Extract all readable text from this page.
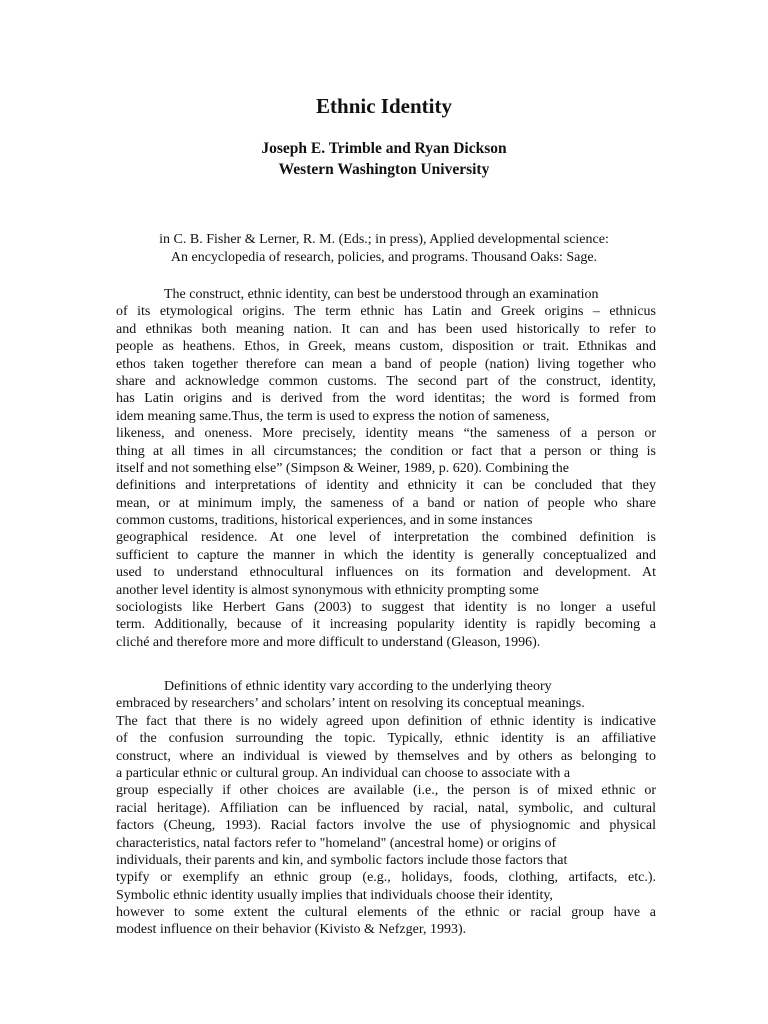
Ethnic Identity
Joseph E. Trimble and Ryan Dickson
Western Washington University
in C. B. Fisher & Lerner, R. M. (Eds.; in press), Applied developmental science:
An encyclopedia of research, policies, and programs. Thousand Oaks: Sage.
The construct, ethnic identity, can best be understood through an examination
of its etymological origins. The term ethnic has Latin and Greek origins – ethnicus
and ethnikas both meaning nation. It can and has been used historically to refer to
people as heathens. Ethos, in Greek, means custom, disposition or trait. Ethnikas and
ethos taken together therefore can mean a band of people (nation) living together who
share and acknowledge common customs. The second part of the construct, identity,
has Latin origins and is derived from the word identitas; the word is formed from
idem meaning same.Thus, the term is used to express the notion of sameness,
likeness, and oneness. More precisely, identity means “the sameness of a person or
thing at all times in all circumstances; the condition or fact that a person or thing is
itself and not something else” (Simpson & Weiner, 1989, p. 620). Combining the
definitions and interpretations of identity and ethnicity it can be concluded that they
mean, or at minimum imply, the sameness of a band or nation of people who share
common customs, traditions, historical experiences, and in some instances
geographical residence. At one level of interpretation the combined definition is
sufficient to capture the manner in which the identity is generally conceptualized and
used to understand ethnocultural influences on its formation and development. At
another level identity is almost synonymous with ethnicity prompting some
sociologists like Herbert Gans (2003) to suggest that identity is no longer a useful
term. Additionally, because of it increasing popularity identity is rapidly becoming a
cliché and therefore more and more difficult to understand (Gleason, 1996).
Definitions of ethnic identity vary according to the underlying theory
embraced by researchers’ and scholars’ intent on resolving its conceptual meanings.
The fact that there is no widely agreed upon definition of ethnic identity is indicative
of the confusion surrounding the topic. Typically, ethnic identity is an affiliative
construct, where an individual is viewed by themselves and by others as belonging to
a particular ethnic or cultural group. An individual can choose to associate with a
group especially if other choices are available (i.e., the person is of mixed ethnic or
racial heritage). Affiliation can be influenced by racial, natal, symbolic, and cultural
factors (Cheung, 1993). Racial factors involve the use of physiognomic and physical
characteristics, natal factors refer to "homeland" (ancestral home) or origins of
individuals, their parents and kin, and symbolic factors include those factors that
typify or exemplify an ethnic group (e.g., holidays, foods, clothing, artifacts, etc.).
Symbolic ethnic identity usually implies that individuals choose their identity,
however to some extent the cultural elements of the ethnic or racial group have a
modest influence on their behavior (Kivisto & Nefzger, 1993).
